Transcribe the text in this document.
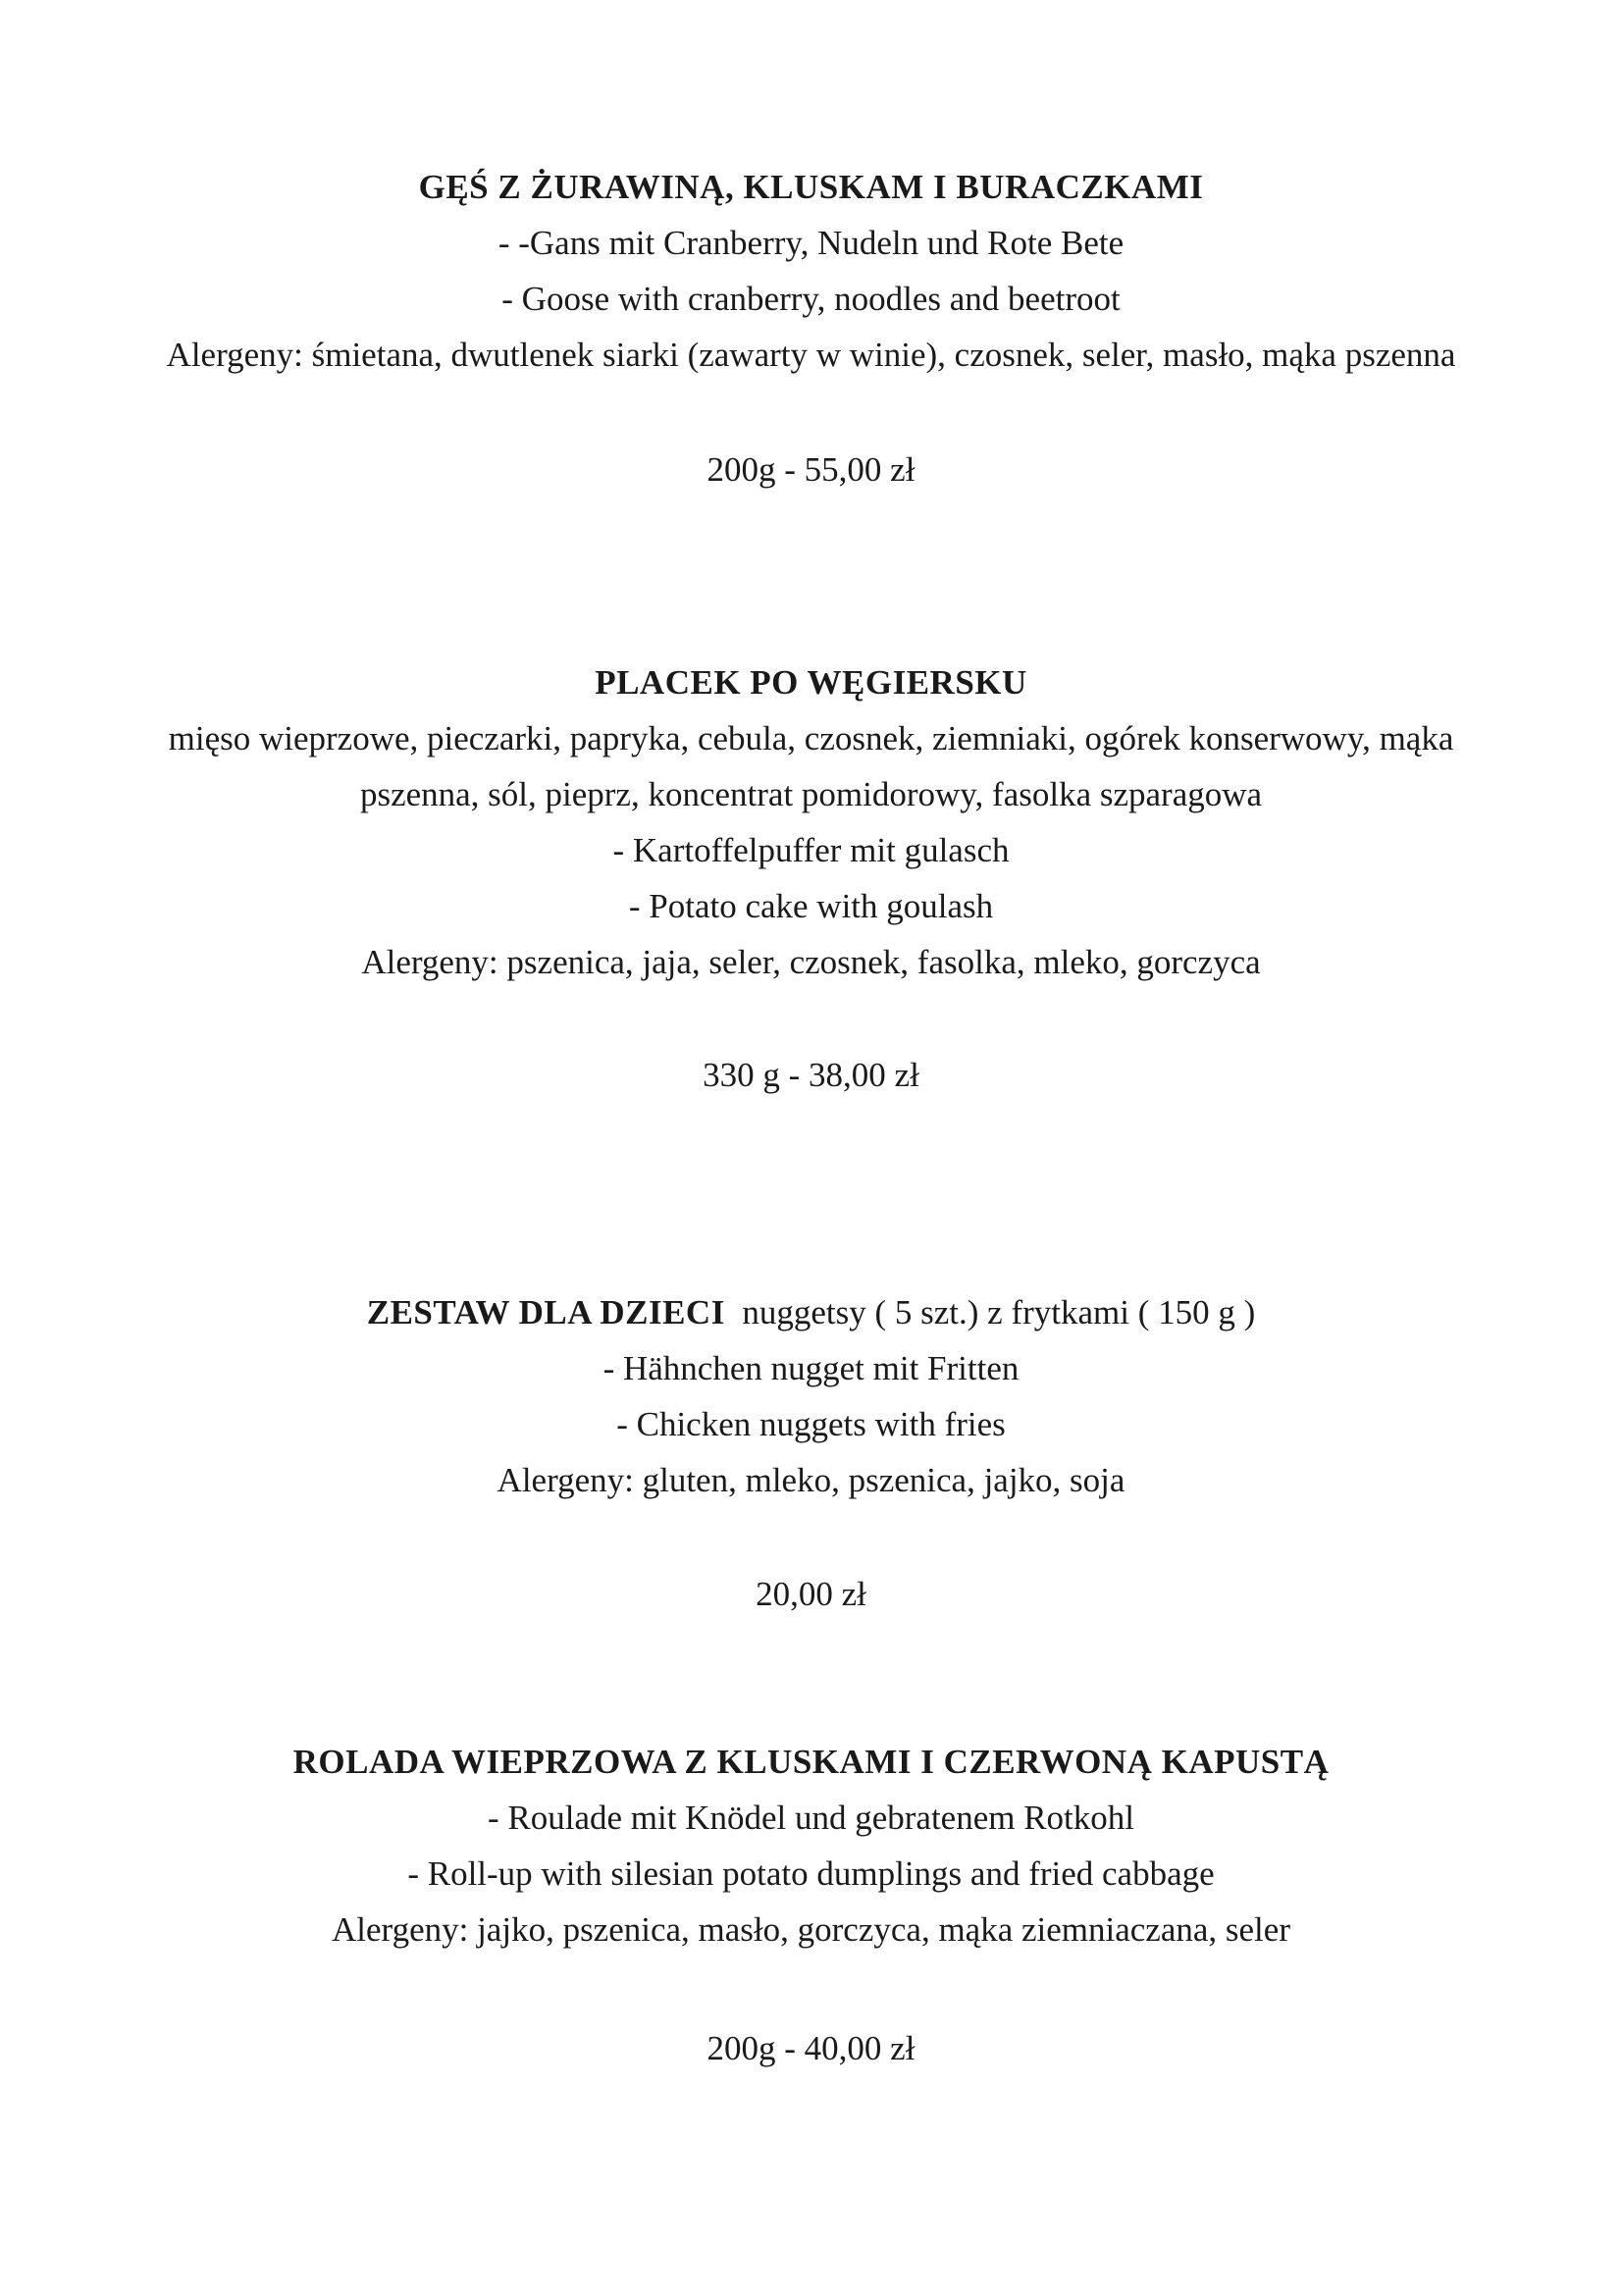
GĘŚ Z ŻURAWINĄ, KLUSKAM I BURACZKAMI
- -Gans mit Cranberry, Nudeln und Rote Bete
- Goose with cranberry, noodles and beetroot
Alergeny: śmietana, dwutlenek siarki (zawarty w winie), czosnek, seler, masło, mąka pszenna
200g - 55,00 zł
PLACEK PO WĘGIERSKU
mięso wieprzowe, pieczarki, papryka, cebula, czosnek, ziemniaki, ogórek konserwowy, mąka
pszenna, sól, pieprz, koncentrat pomidorowy, fasolka szparagowa
- Kartoffelpuffer mit gulasch
- Potato cake with goulash
Alergeny: pszenica, jaja, seler, czosnek, fasolka, mleko, gorczyca
330 g - 38,00 zł
ZESTAW DLA DZIECI nuggetsy ( 5 szt.) z frytkami ( 150 g )
- Hähnchen nugget mit Fritten
- Chicken nuggets with fries
Alergeny: gluten, mleko, pszenica, jajko, soja
20,00 zł
ROLADA WIEPRZOWA Z KLUSKAMI I CZERWONĄ KAPUSTĄ
- Roulade mit Knödel und gebratenem Rotkohl
- Roll-up with silesian potato dumplings and fried cabbage
Alergeny: jajko, pszenica, masło, gorczyca, mąka ziemniaczana, seler
200g - 40,00 zł
